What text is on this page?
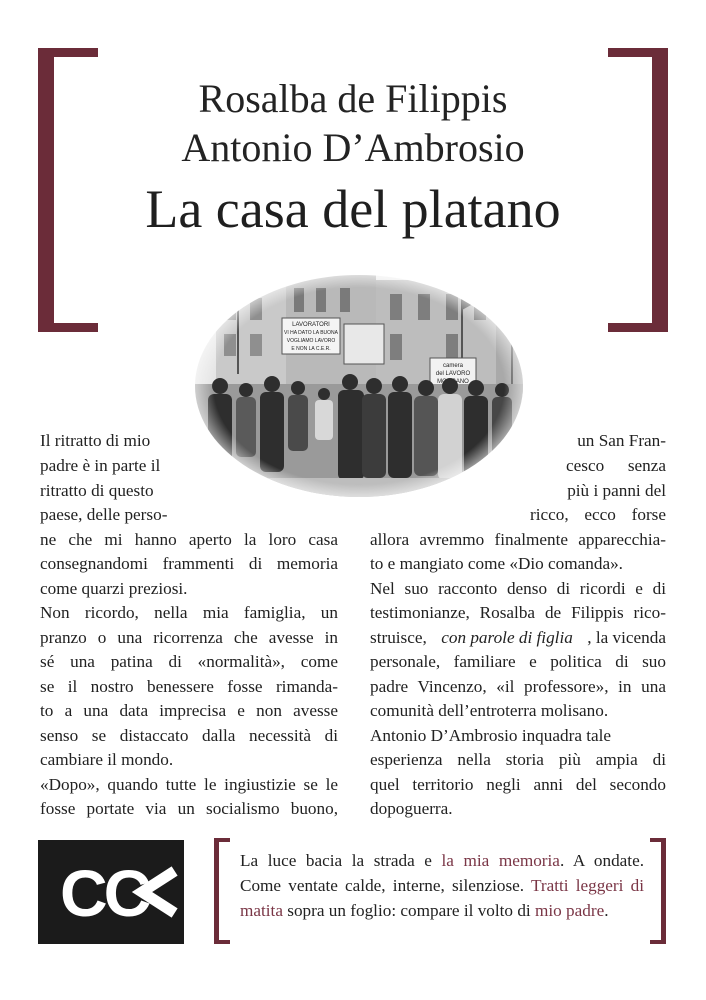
Rosalba de Filippis
Antonio D’Ambrosio
La casa del platano
Il ritratto di mio
padre è in parte il
ritratto di questo
paese, delle perso-
ne che mi hanno aperto la loro casa
consegnandomi frammenti di memoria
come quarzi preziosi.
Non ricordo, nella mia famiglia, un
pranzo o una ricorrenza che avesse in
sé una patina di «normalità», come
se il nostro benessere fosse rimanda-
to a una data imprecisa e non avesse
senso se distaccato dalla necessità di
cambiare il mondo.
«Dopo», quando tutte le ingiustizie se le
fosse portate via un socialismo buono,
un San Fran-
cesco senza
più i panni del
ricco, ecco forse
allora avremmo finalmente apparecchia-
to e mangiato come «Dio comanda».
Nel suo racconto denso di ricordi e di
testimonianze, Rosalba de Filippis rico-
struisce, con parole di figlia , la vicenda
personale, familiare e politica di suo
padre Vincenzo, «il professore», in una
comunità dell’entroterra molisano.
Antonio D’Ambrosio inquadra tale
esperienza nella storia più ampia di
quel territorio negli anni del secondo
dopoguerra.
CC	La luce bacia la strada e la mia memoria. A ondate.
Come ventate calde, interne, silenziose. Tratti leggeri di
matita sopra un foglio: compare il volto di mio padre.
